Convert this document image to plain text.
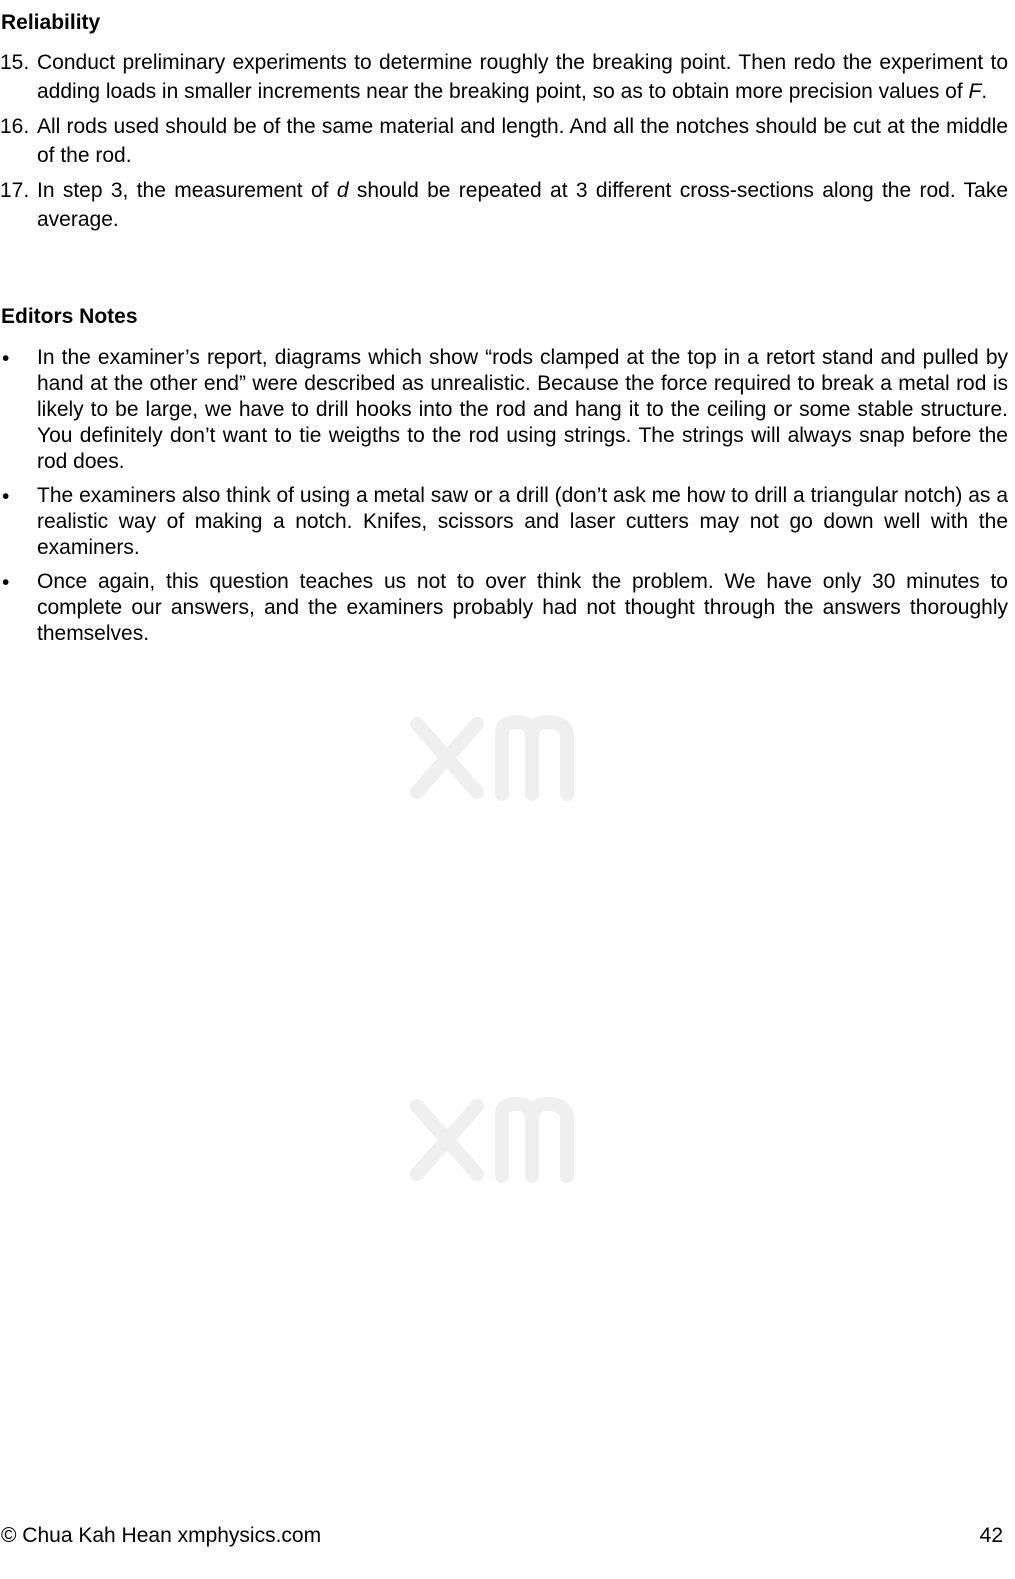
Reliability
15. Conduct preliminary experiments to determine roughly the breaking point. Then redo the experiment to adding loads in smaller increments near the breaking point, so as to obtain more precision values of F.
16. All rods used should be of the same material and length. And all the notches should be cut at the middle of the rod.
17. In step 3, the measurement of d should be repeated at 3 different cross-sections along the rod. Take average.
Editors Notes
•	In the examiner’s report, diagrams which show “rods clamped at the top in a retort stand and pulled by hand at the other end” were described as unrealistic. Because the force required to break a metal rod is likely to be large, we have to drill hooks into the rod and hang it to the ceiling or some stable structure. You definitely don’t want to tie weigths to the rod using strings. The strings will always snap before the rod does.
•	The examiners also think of using a metal saw or a drill (don’t ask me how to drill a triangular notch) as a realistic way of making a notch. Knifes, scissors and laser cutters may not go down well with the examiners.
•	Once again, this question teaches us not to over think the problem. We have only 30 minutes to complete our answers, and the examiners probably had not thought through the answers thoroughly themselves.
© Chua Kah Hean xmphysics.com	42
